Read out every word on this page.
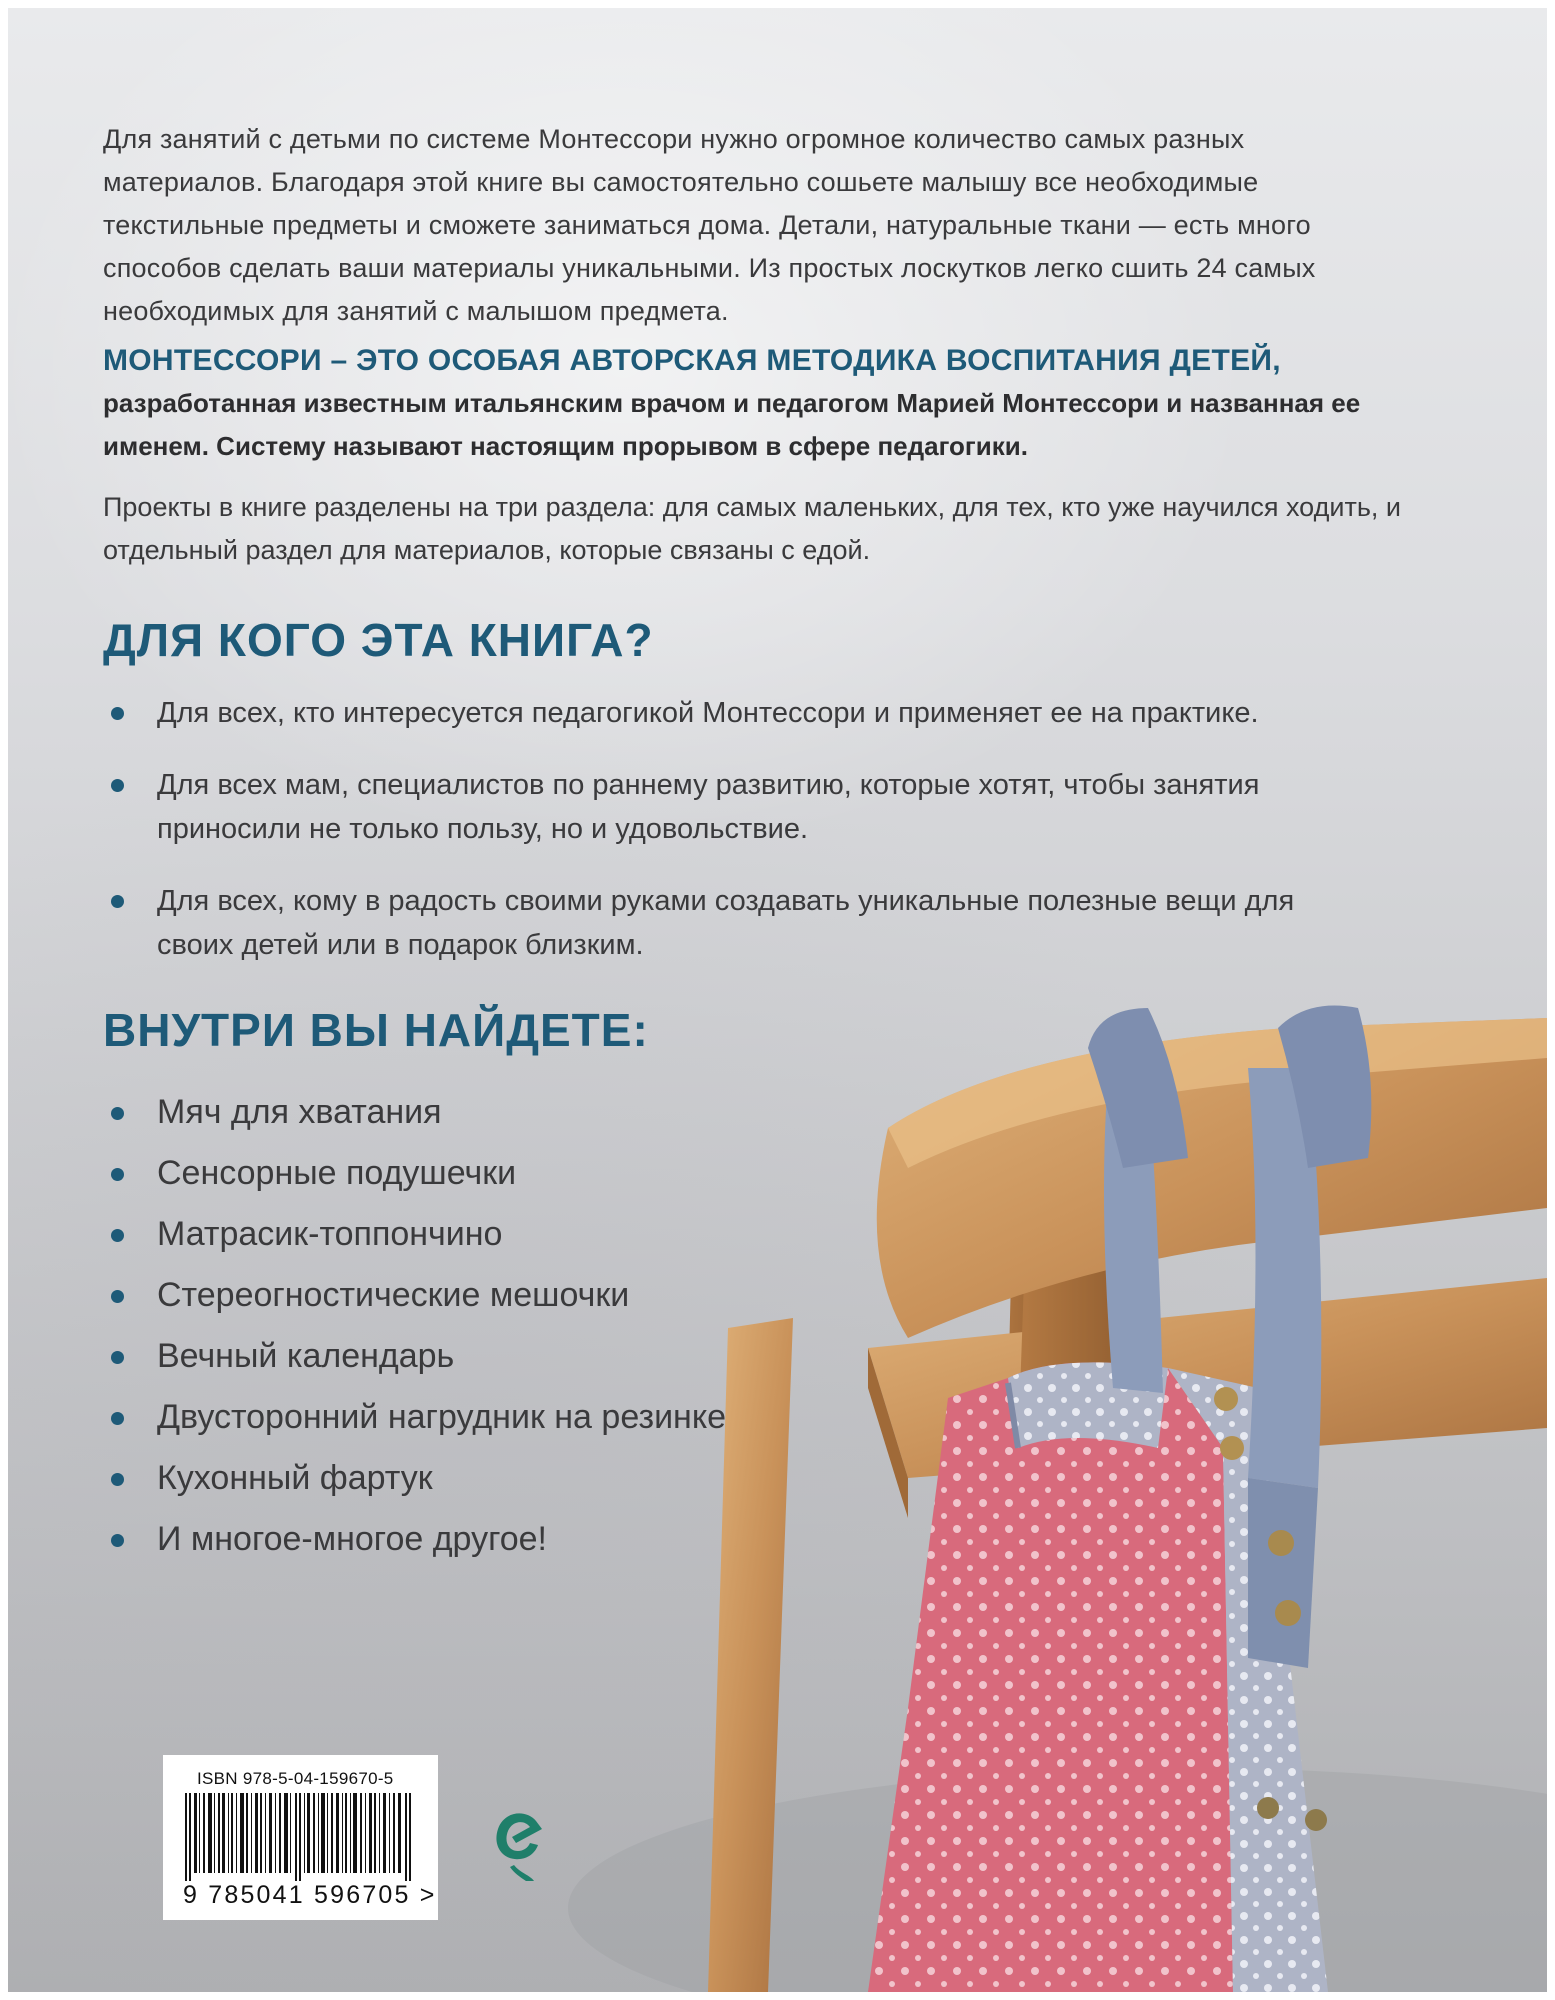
Для занятий с детьми по системе Монтессори нужно огромное количество самых разных материалов. Благодаря этой книге вы самостоятельно сошьете малышу все необходимые текстильные предметы и сможете заниматься дома. Детали, натуральные ткани — есть много способов сделать ваши материалы уникальными. Из простых лоскутков легко сшить 24 самых необходимых для занятий с малышом предмета.

МОНТЕССОРИ – ЭТО ОСОБАЯ АВТОРСКАЯ МЕТОДИКА ВОСПИТАНИЯ ДЕТЕЙ,
разработанная известным итальянским врачом и педагогом Марией Монтессори и названная ее именем. Систему называют настоящим прорывом в сфере педагогики.
Проекты в книге разделены на три раздела: для самых маленьких, для тех, кто уже научился ходить, и отдельный раздел для материалов, которые связаны с едой.
ДЛЯ КОГО ЭТА КНИГА?
Для всех, кто интересуется педагогикой Монтессори и применяет ее на практике.
Для всех мам, специалистов по раннему развитию, которые хотят, чтобы занятия приносили не только пользу, но и удовольствие.
Для всех, кому в радость своими руками создавать уникальные полезные вещи для своих детей или в подарок близким.
ВНУТРИ ВЫ НАЙДЕТЕ:
Мяч для хватания
Сенсорные подушечки
Матрасик-топпончино
Стереогностические мешочки
Вечный календарь
Двусторонний нагрудник на резинке
Кухонный фартук
И многое-многое другое!
ISBN 978-5-04-159670-5
9 785041 596705 >
